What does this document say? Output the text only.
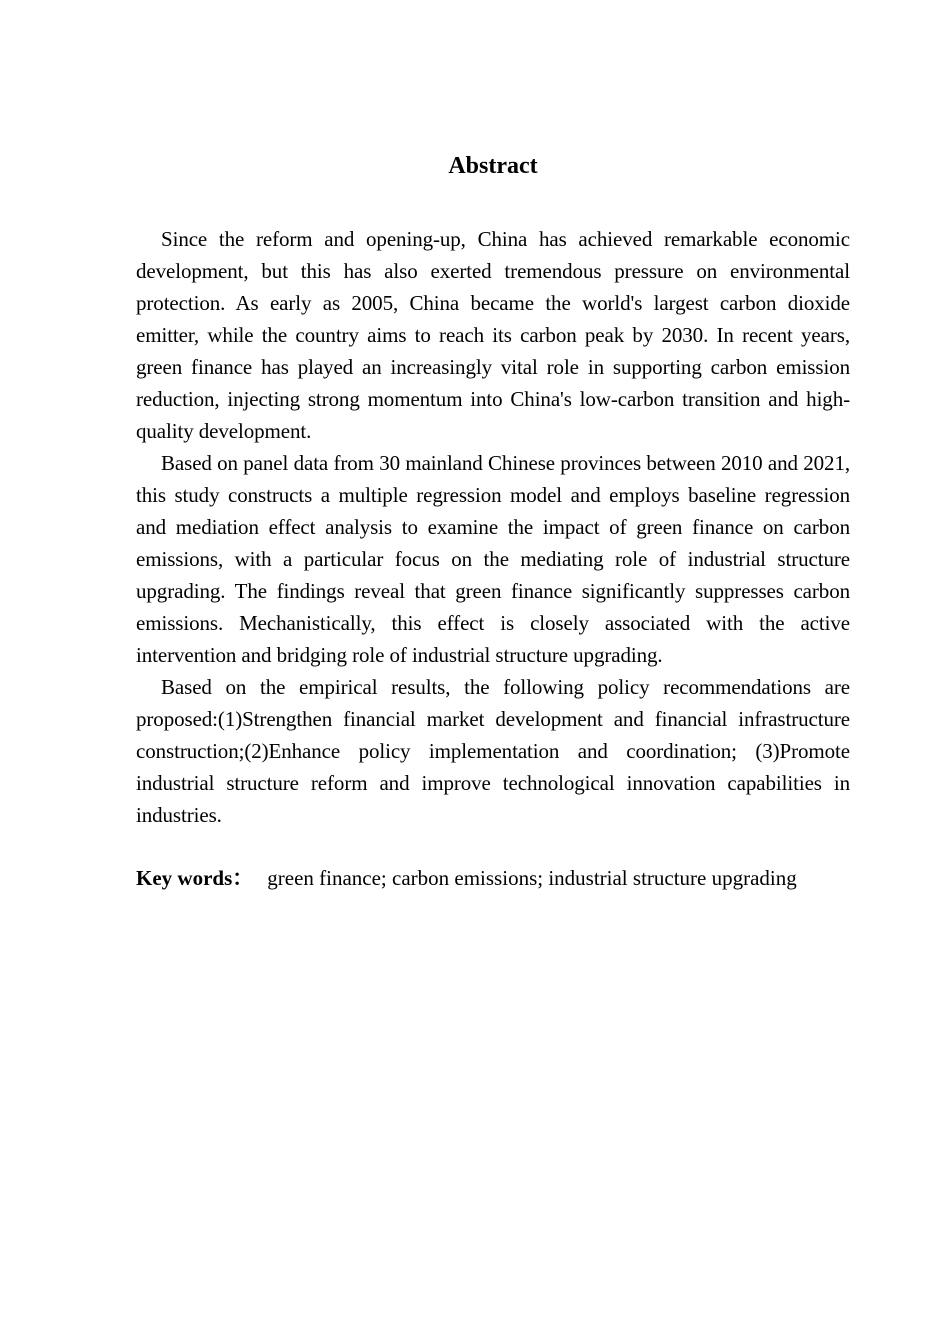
Abstract

Since the reform and opening-up, China has achieved remarkable economic development, but this has also exerted tremendous pressure on environmental protection. As early as 2005, China became the world's largest carbon dioxide emitter, while the country aims to reach its carbon peak by 2030. In recent years, green finance has played an increasingly vital role in supporting carbon emission reduction, injecting strong momentum into China's low-carbon transition and high-quality development.

Based on panel data from 30 mainland Chinese provinces between 2010 and 2021, this study constructs a multiple regression model and employs baseline regression and mediation effect analysis to examine the impact of green finance on carbon emissions, with a particular focus on the mediating role of industrial structure upgrading. The findings reveal that green finance significantly suppresses carbon emissions. Mechanistically, this effect is closely associated with the active intervention and bridging role of industrial structure upgrading.

Based on the empirical results, the following policy recommendations are proposed:(1)Strengthen financial market development and financial infrastructure construction;(2)Enhance policy implementation and coordination; (3)Promote industrial structure reform and improve technological innovation capabilities in industries.

Key words： green finance; carbon emissions; industrial structure upgrading
